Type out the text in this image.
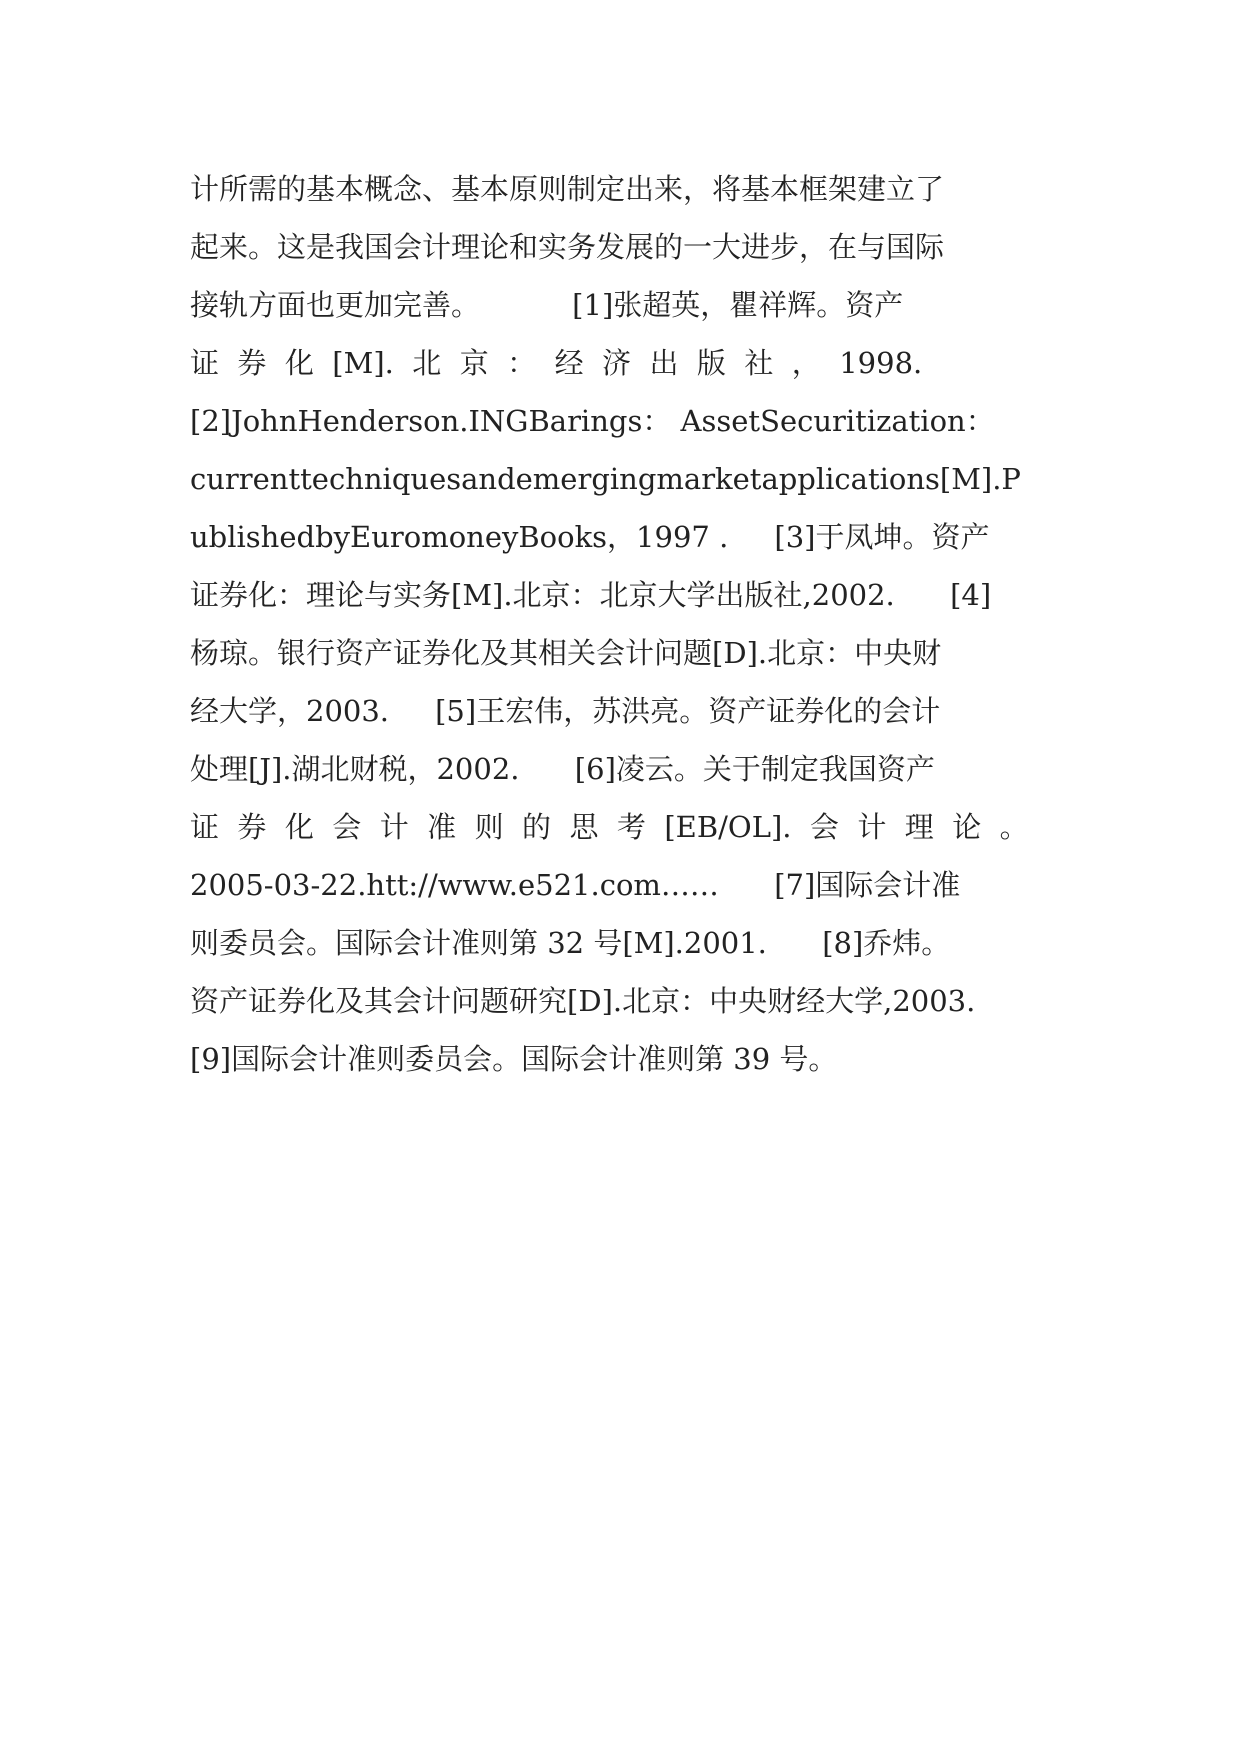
计所需的基本概念、基本原则制定出来，将基本框架建立了
起来。这是我国会计理论和实务发展的一大进步，在与国际
接轨方面也更加完善。          [1]张超英，瞿祥辉。资产
证  券  化  [M].  北  京  ：  经  济  出  版  社  ，  1998.
[2]JohnHenderson.INGBarings： AssetSecuritization：
currenttechniquesandemergingmarketapplications[M].P
ublishedbyEuromoneyBooks，1997 .     [3]于凤坤。资产
证券化：理论与实务[M].北京：北京大学出版社,2002.      [4]
杨琼。银行资产证券化及其相关会计问题[D].北京：中央财
经大学，2003.     [5]王宏伟，苏洪亮。资产证券化的会计
处理[J].湖北财税，2002.      [6]凌云。关于制定我国资产
证  券  化  会  计  准  则  的  思  考  [EB/OL].  会  计  理  论  。
2005-03-22.htt://www.e521.com……      [7]国际会计准
则委员会。国际会计准则第 32 号[M].2001.      [8]乔炜。
资产证券化及其会计问题研究[D].北京：中央财经大学,2003.
[9]国际会计准则委员会。国际会计准则第 39 号。
